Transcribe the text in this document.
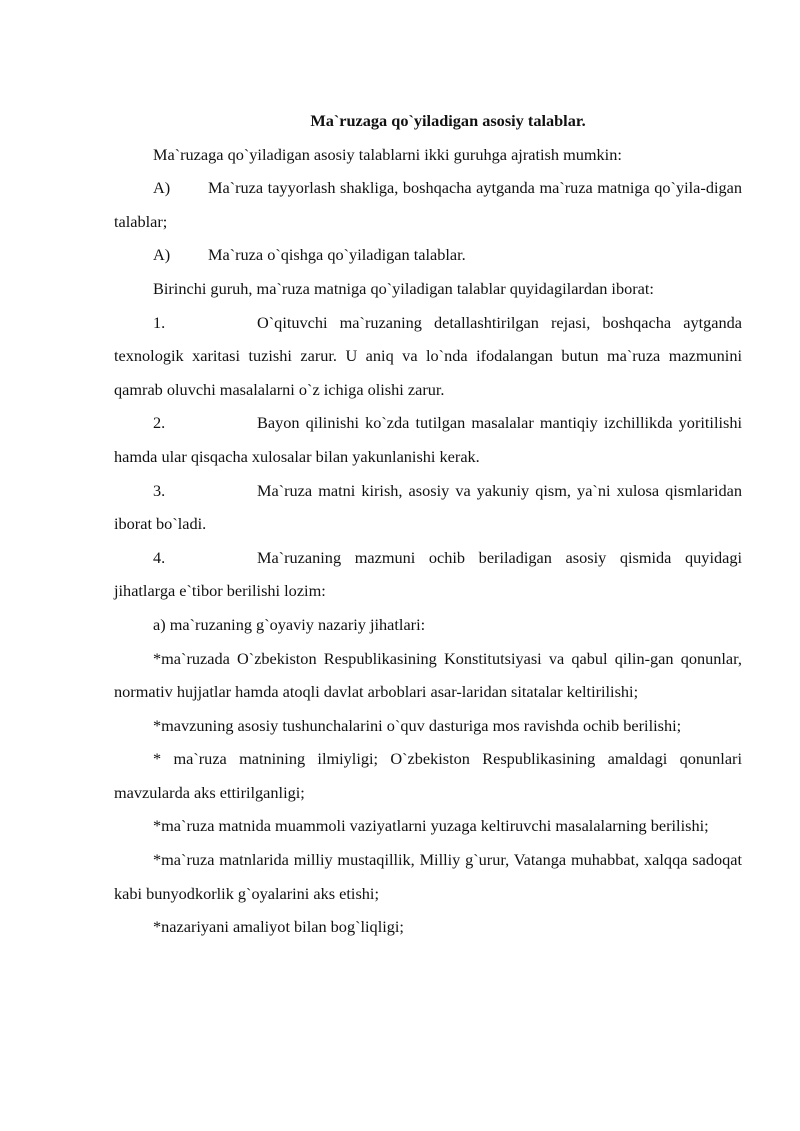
Ma`ruzaga qo`yiladigan asosiy talablar.

Ma`ruzaga qo`yiladigan asosiy talablarni ikki guruhga ajratish mumkin:

A) Ma`ruza tayyorlash shakliga, boshqacha aytganda ma`ruza matniga qo`yila-digan talablar;

A) Ma`ruza o`qishga qo`yiladigan talablar.

Birinchi guruh, ma`ruza matniga qo`yiladigan talablar quyidagilardan iborat:

1.	O`qituvchi ma`ruzaning detallashtirilgan rejasi, boshqacha aytganda texnologik xaritasi tuzishi zarur. U aniq va lo`nda ifodalangan butun ma`ruza mazmunini qamrab oluvchi masalalarni o`z ichiga olishi zarur.

2.	Bayon qilinishi ko`zda tutilgan masalalar mantiqiy izchillikda yoritilishi hamda ular qisqacha xulosalar bilan yakunlanishi kerak.

3.	Ma`ruza matni kirish, asosiy va yakuniy qism, ya`ni xulosa qismlaridan iborat bo`ladi.

4.	Ma`ruzaning mazmuni ochib beriladigan asosiy qismida quyidagi jihatlarga e`tibor berilishi lozim:

a) ma`ruzaning g`oyaviy nazariy jihatlari:

*ma`ruzada O`zbekiston Respublikasining Konstitutsiyasi va qabul qilin-gan qonunlar, normativ hujjatlar hamda atoqli davlat arboblari asar-laridan sitatalar keltirilishi;

*mavzuning asosiy tushunchalarini o`quv dasturiga mos ravishda ochib berilishi;

* ma`ruza matnining ilmiyligi; O`zbekiston Respublikasining amaldagi qonunlari mavzularda aks ettirilganligi;

*ma`ruza matnida muammoli vaziyatlarni yuzaga keltiruvchi masalalarning berilishi;

*ma`ruza matnlarida milliy mustaqillik, Milliy g`urur, Vatanga muhabbat, xalqqa sadoqat kabi bunyodkorlik g`oyalarini aks etishi;

*nazariyani amaliyot bilan bog`liqligi;
